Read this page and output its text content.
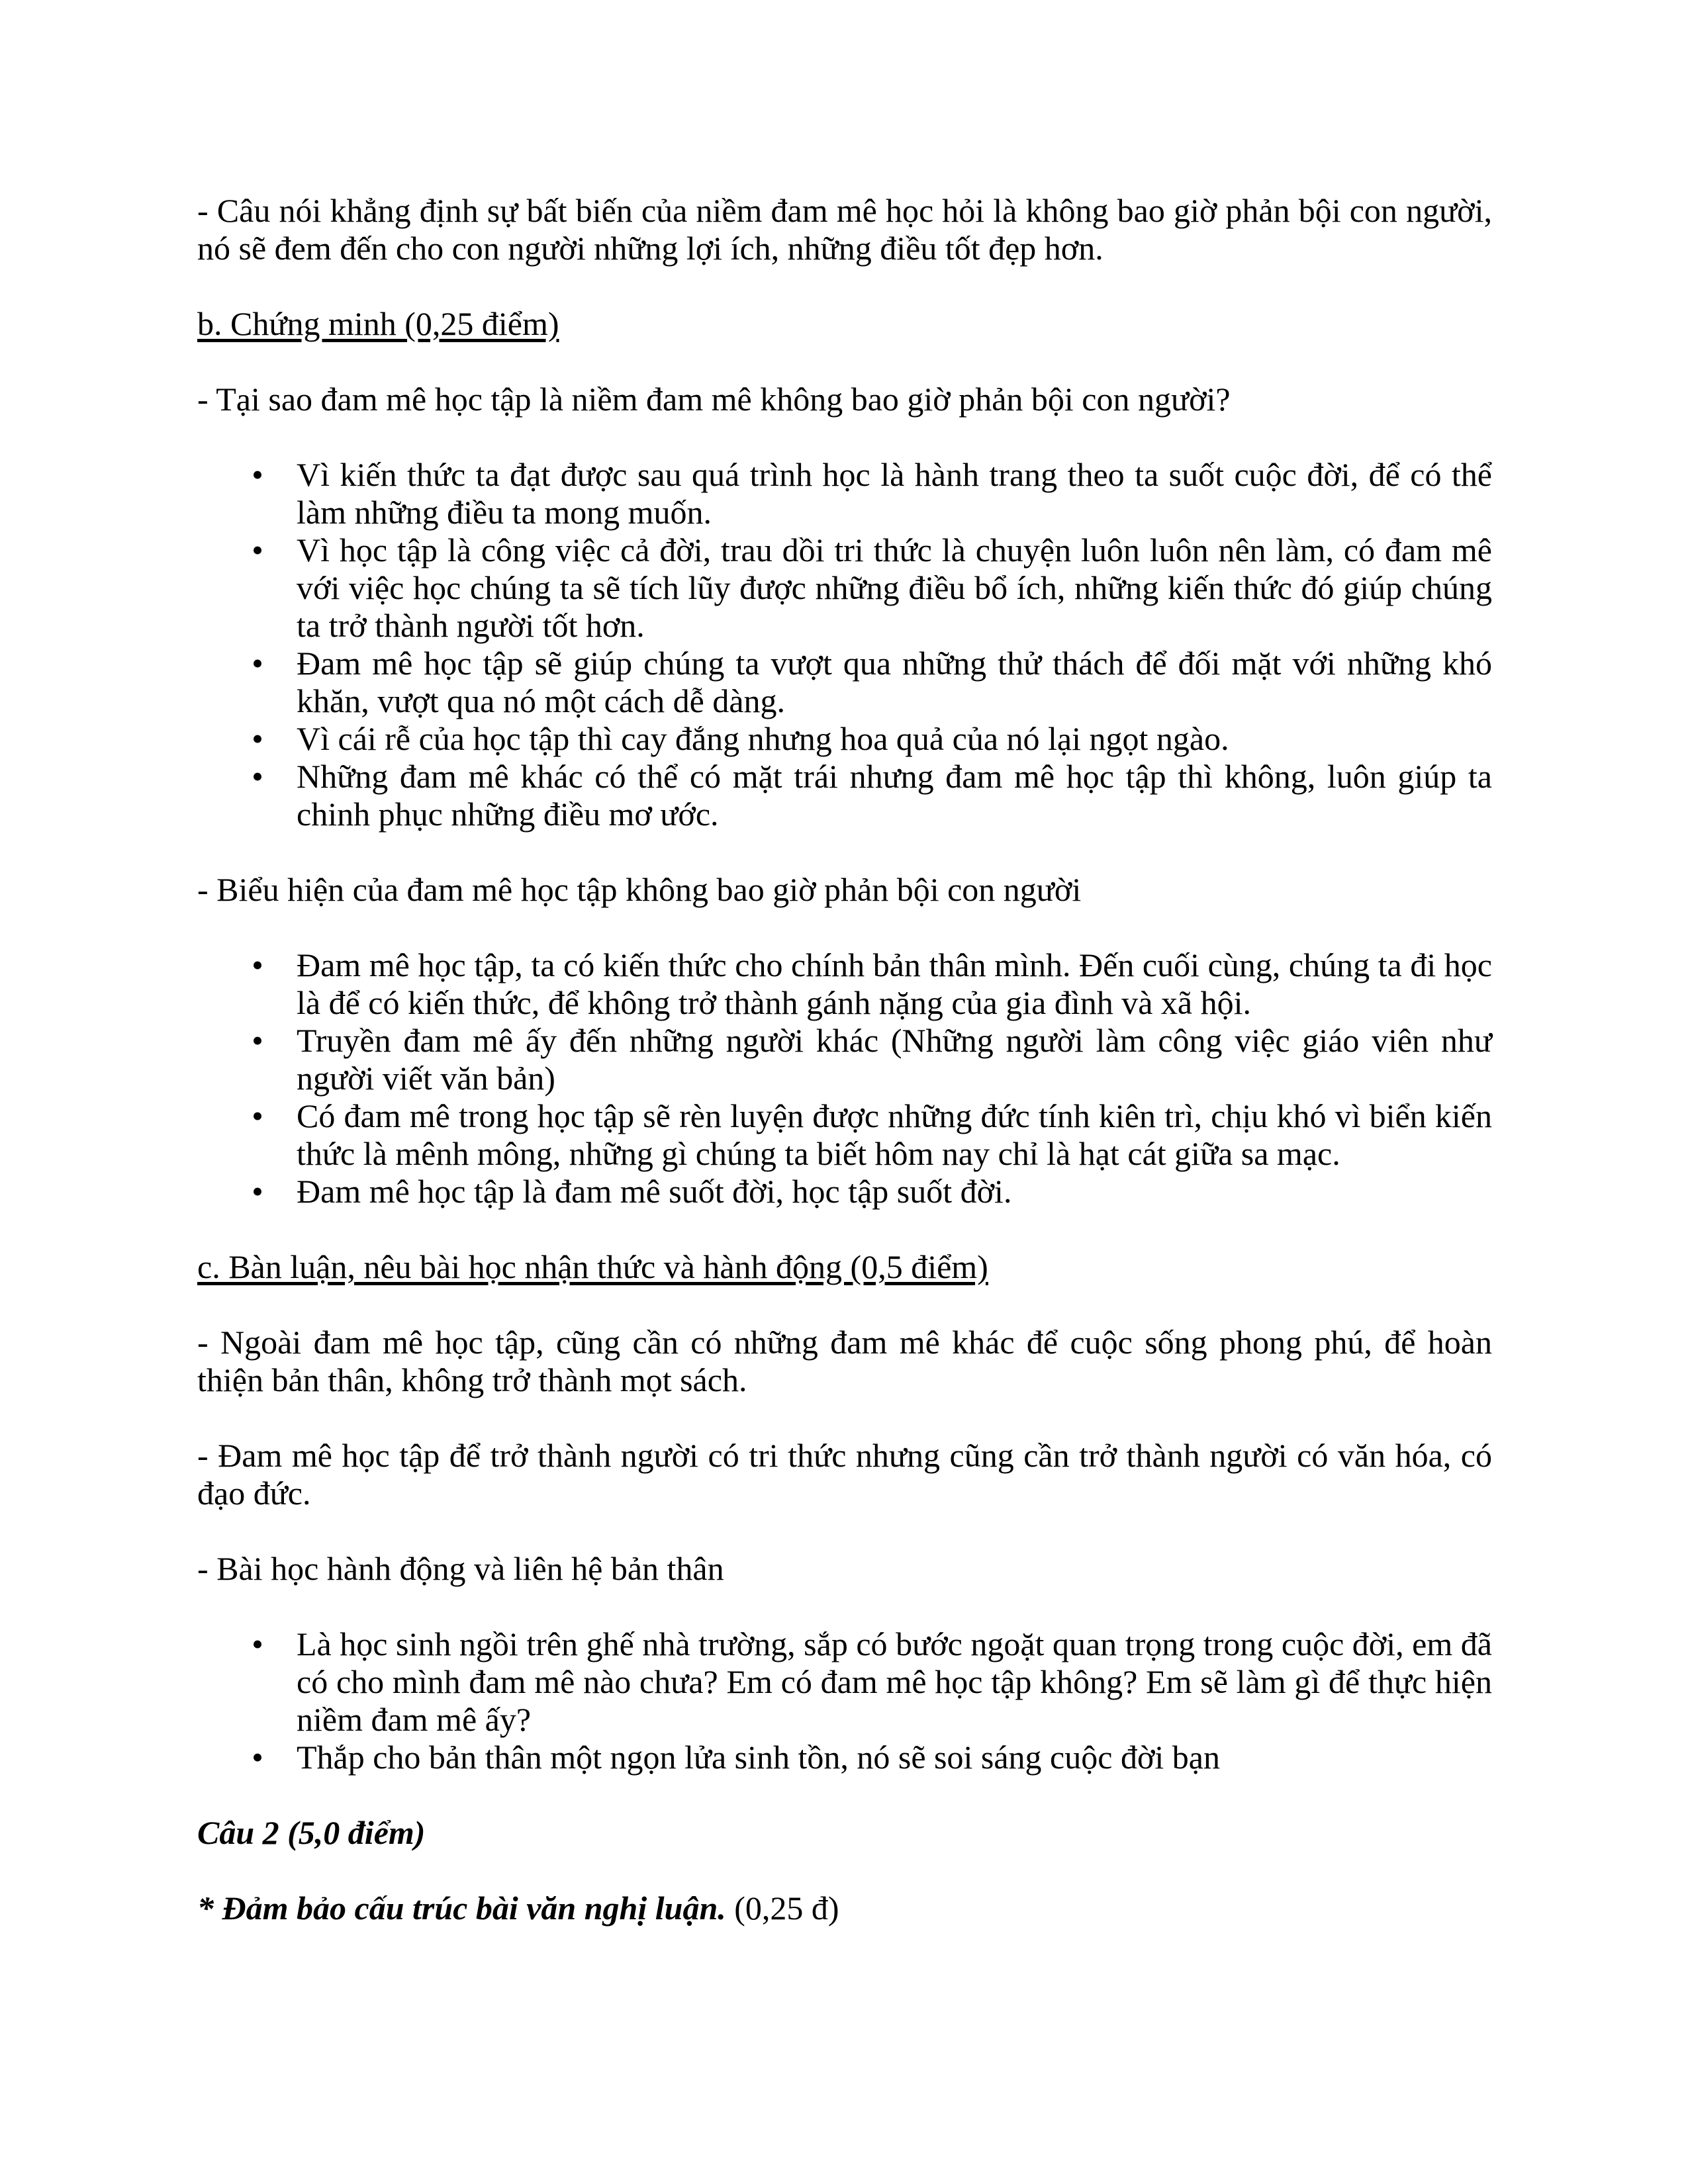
- Câu nói khẳng định sự bất biến của niềm đam mê học hỏi là không bao giờ phản bội con người, nó sẽ đem đến cho con người những lợi ích, những điều tốt đẹp hơn.

b. Chứng minh (0,25 điểm)

- Tại sao đam mê học tập là niềm đam mê không bao giờ phản bội con người?

• Vì kiến thức ta đạt được sau quá trình học là hành trang theo ta suốt cuộc đời, để có thể làm những điều ta mong muốn.
• Vì học tập là công việc cả đời, trau dồi tri thức là chuyện luôn luôn nên làm, có đam mê với việc học chúng ta sẽ tích lũy được những điều bổ ích, những kiến thức đó giúp chúng ta trở thành người tốt hơn.
• Đam mê học tập sẽ giúp chúng ta vượt qua những thử thách để đối mặt với những khó khăn, vượt qua nó một cách dễ dàng.
• Vì cái rễ của học tập thì cay đắng nhưng hoa quả của nó lại ngọt ngào.
• Những đam mê khác có thể có mặt trái nhưng đam mê học tập thì không, luôn giúp ta chinh phục những điều mơ ước.

- Biểu hiện của đam mê học tập không bao giờ phản bội con người

• Đam mê học tập, ta có kiến thức cho chính bản thân mình. Đến cuối cùng, chúng ta đi học là để có kiến thức, để không trở thành gánh nặng của gia đình và xã hội.
• Truyền đam mê ấy đến những người khác (Những người làm công việc giáo viên như người viết văn bản)
• Có đam mê trong học tập sẽ rèn luyện được những đức tính kiên trì, chịu khó vì biển kiến thức là mênh mông, những gì chúng ta biết hôm nay chỉ là hạt cát giữa sa mạc.
• Đam mê học tập là đam mê suốt đời, học tập suốt đời.

c. Bàn luận, nêu bài học nhận thức và hành động (0,5 điểm)

- Ngoài đam mê học tập, cũng cần có những đam mê khác để cuộc sống phong phú, để hoàn thiện bản thân, không trở thành mọt sách.

- Đam mê học tập để trở thành người có tri thức nhưng cũng cần trở thành người có văn hóa, có đạo đức.

- Bài học hành động và liên hệ bản thân

• Là học sinh ngồi trên ghế nhà trường, sắp có bước ngoặt quan trọng trong cuộc đời, em đã có cho mình đam mê nào chưa? Em có đam mê học tập không? Em sẽ làm gì để thực hiện niềm đam mê ấy?
• Thắp cho bản thân một ngọn lửa sinh tồn, nó sẽ soi sáng cuộc đời bạn

Câu 2 (5,0 điểm)

* Đảm bảo cấu trúc bài văn nghị luận. (0,25 đ)
